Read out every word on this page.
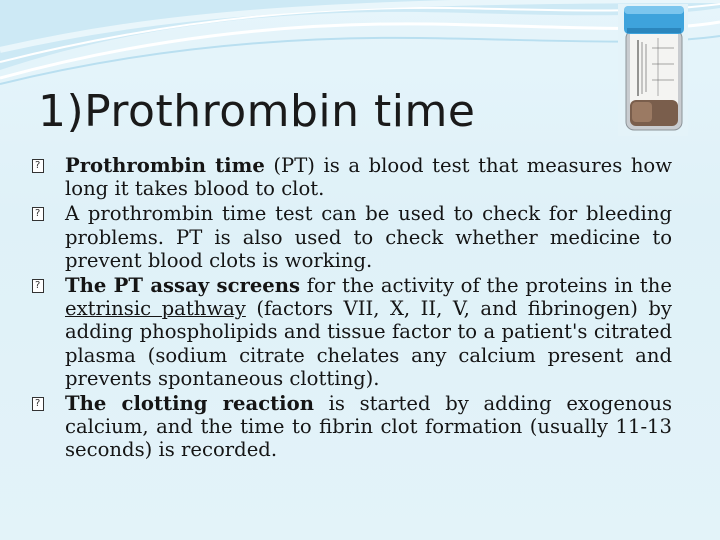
1)Prothrombin time

?
Prothrombin time (PT) is a blood test that measures how long it takes blood to clot.

?
A prothrombin time test can be used to check for bleeding problems. PT is also used to check whether medicine to prevent blood clots is working.

?
The PT assay screens for the activity of the proteins in the extrinsic pathway (factors VII, X, II, V, and fibrinogen) by adding phospholipids and tissue factor to a patient's citrated plasma (sodium citrate chelates any calcium present and prevents spontaneous clotting).

?
The clotting reaction is started by adding exogenous calcium, and the time to fibrin clot formation (usually 11-13 seconds) is recorded.
